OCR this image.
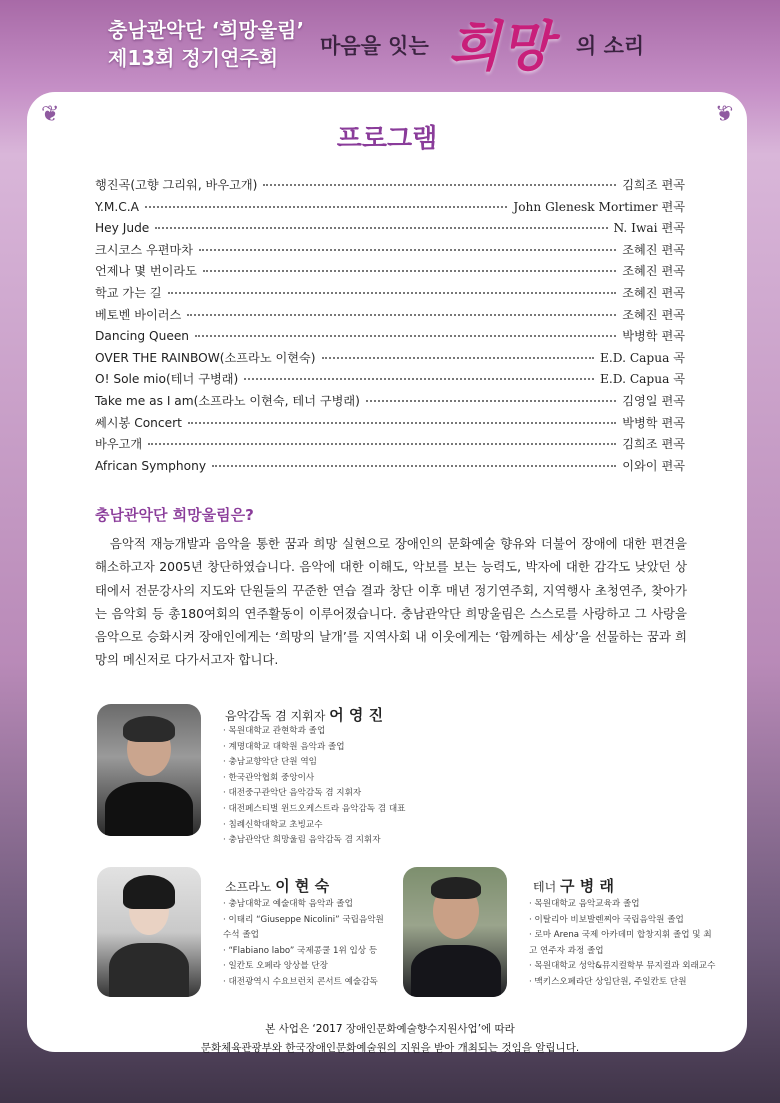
충남관악단 ‘희망울림’
제13회 정기연주회	마음을 잇는 희망 의 소리
❦	❦
프로그램
행진곡(고향 그리워, 바우고개)	김희조 편곡
Y.M.C.A	John Glenesk Mortimer 편곡
Hey Jude	N. Iwai 편곡
크시코스 우편마차	조혜진 편곡
언제나 몇 번이라도	조혜진 편곡
학교 가는 길	조혜진 편곡
베토벤 바이러스	조혜진 편곡
Dancing Queen	박병학 편곡
OVER THE RAINBOW(소프라노 이현숙)	E.D. Capua 곡
O! Sole mio(테너 구병래)	E.D. Capua 곡
Take me as I am(소프라노 이현숙, 테너 구병래)	김영일 편곡
쎄시봉 Concert	박병학 편곡
바우고개	김희조 편곡
African Symphony	이와이 편곡
충남관악단 희망울림은?
음악적 재능개발과 음악을 통한 꿈과 희망 실현으로 장애인의 문화예술 향유와 더불어 장애에 대한 편견을 해소하고자 2005년 창단하였습니다. 음악에 대한 이해도, 악보를 보는 능력도, 박자에 대한 감각도 낮았던 상태에서 전문강사의 지도와 단원들의 꾸준한 연습 결과 창단 이후 매년 정기연주회, 지역행사 초청연주, 찾아가는 음악회 등 총180여회의 연주활동이 이루어졌습니다. 충남관악단 희망울림은 스스로를 사랑하고 그 사랑을 음악으로 승화시켜 장애인에게는 ‘희망의 날개’를 지역사회 내 이웃에게는 ‘함께하는 세상’을 선물하는 꿈과 희망의 메신저로 다가서고자 합니다.
음악감독 겸 지휘자 어 영 진
· 목원대학교 관현학과 졸업
· 계명대학교 대학원 음악과 졸업
· 충남교향악단 단원 역임
· 한국관악협회 중앙이사
· 대전중구관악단 음악감독 겸 지휘자
· 대전페스티벌 윈드오케스트라 음악감독 겸 대표
· 침례신학대학교 초빙교수
· 충남관악단 희망울림 음악감독 겸 지휘자
소프라노 이 현 숙
· 충남대학교 예술대학 음악과 졸업
· 이태리 “Giuseppe Nicolini” 국립음악원 수석 졸업
· “Flabiano labo” 국제콩쿨 1위 입상 등
· 일칸토 오페라 앙상블 단장
· 대전광역시 수요브런치 콘서트 예술감독
테너 구 병 래
· 목원대학교 음악교육과 졸업
· 이탈리아 비보발렌찌아 국립음악원 졸업
· 로마 Arena 국제 아카데미 합창지휘 졸업 및 최고 연주자 과정 졸업
· 목원대학교 성악&뮤지컬학부 뮤지컬과 외래교수
· 맥키스오페라단 상임단원, 주일칸토 단원
본 사업은 ‘2017 장애인문화예술향수지원사업’에 따라
문화체육관광부와 한국장애인문화예술원의 지원을 받아 개최되는 것임을 알립니다.
